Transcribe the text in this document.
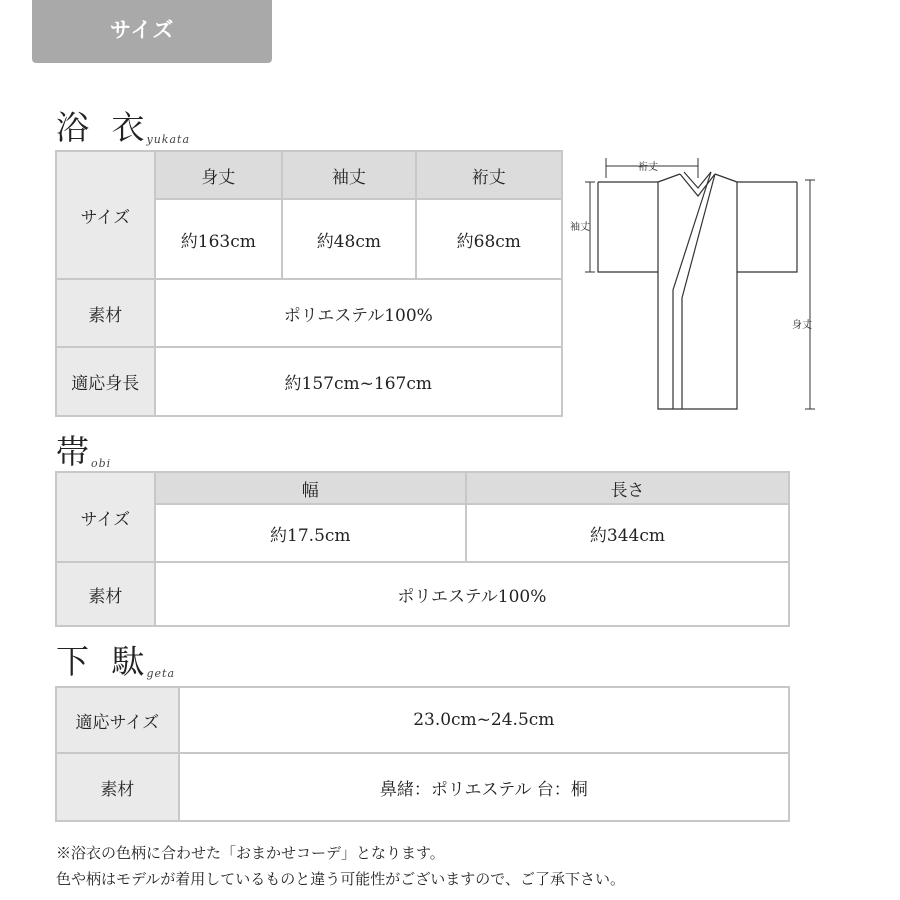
サイズ
浴 衣yukata
サイズ	身丈	袖丈	裄丈
	約163cm	約48cm	約68cm
素材	ポリエステル100%		
適応身長	約157cm~167cm		
裄丈
袖丈
身丈
帯obi
サイズ	幅	長さ
	約17.5cm	約344cm
素材	ポリエステル100%	
下 駄geta
適応サイズ	23.0cm~24.5cm
素材	鼻緒：ポリエステル 台：桐
※浴衣の色柄に合わせた「おまかせコーデ」となります。
色や柄はモデルが着用しているものと違う可能性がございますので、ご了承下さい。
